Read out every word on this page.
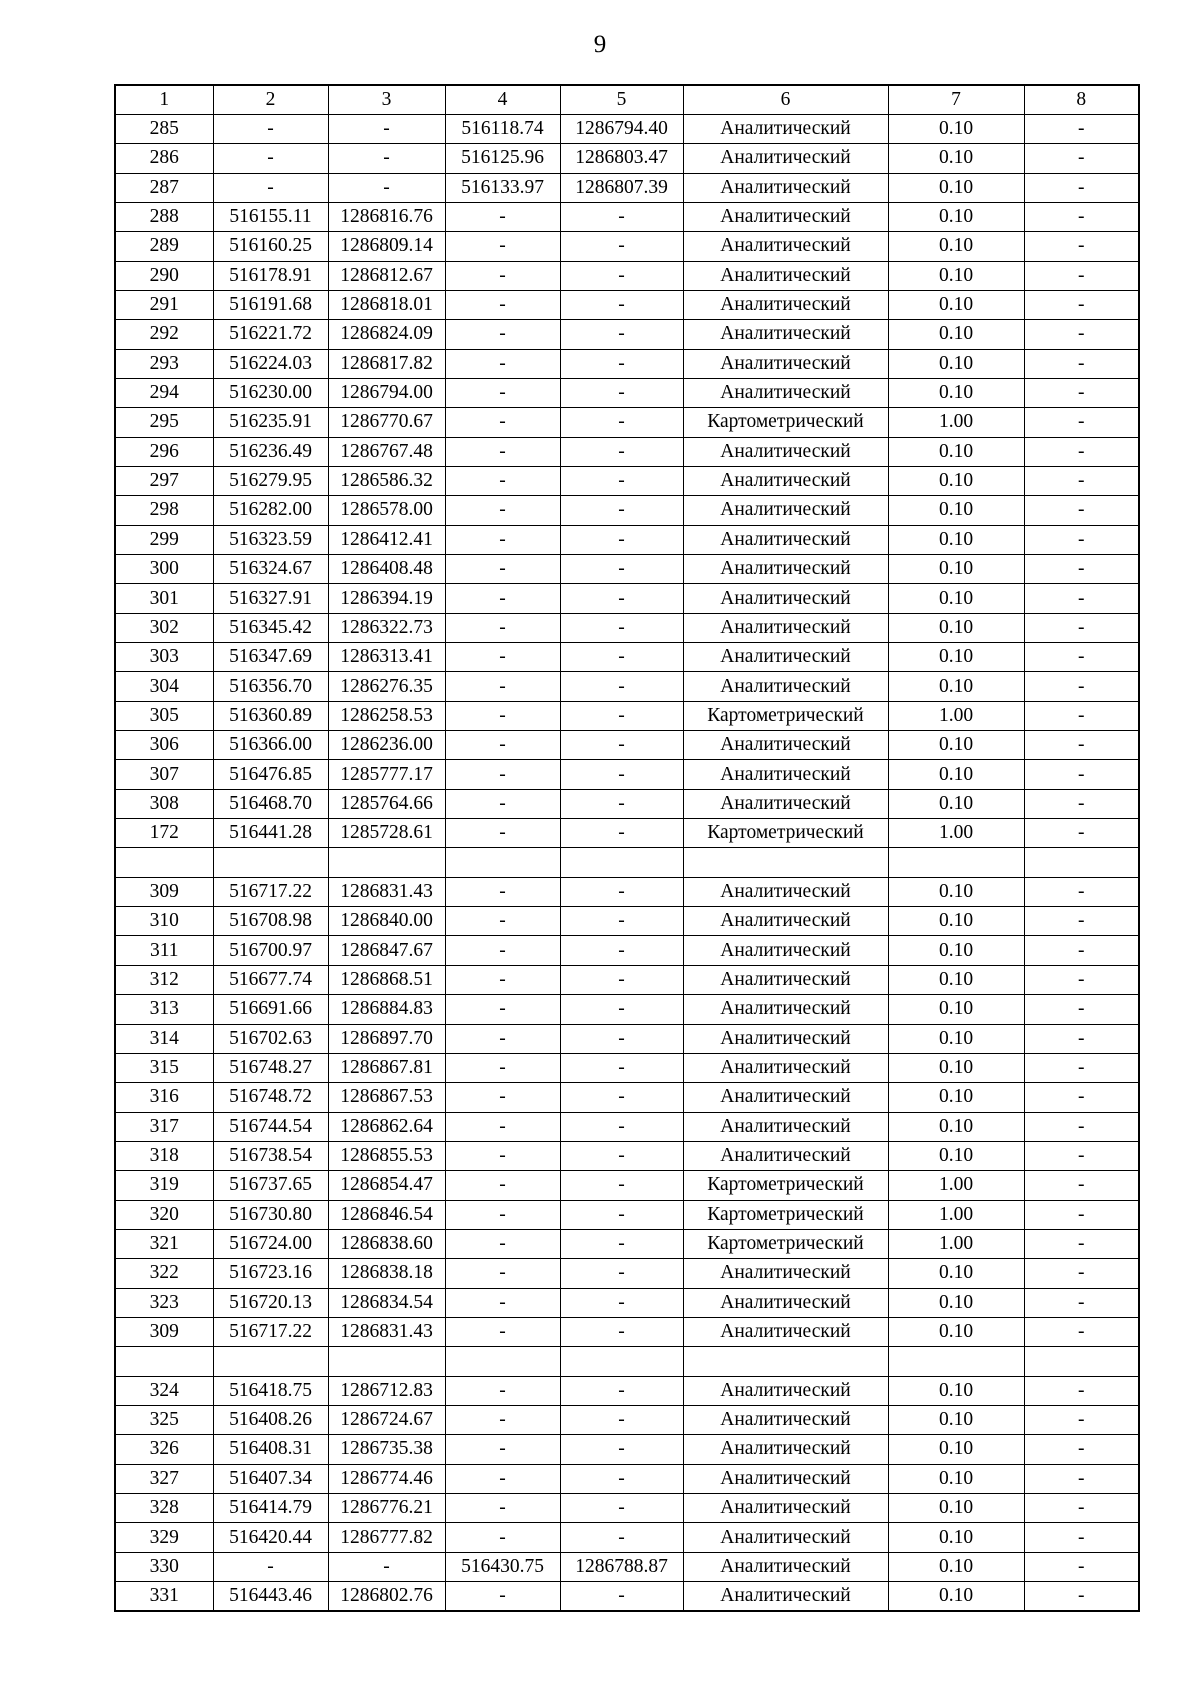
9
1	2	3	4	5	6	7	8
285	-	-	516118.74	1286794.40	Аналитический	0.10	-
286	-	-	516125.96	1286803.47	Аналитический	0.10	-
287	-	-	516133.97	1286807.39	Аналитический	0.10	-
288	516155.11	1286816.76	-	-	Аналитический	0.10	-
289	516160.25	1286809.14	-	-	Аналитический	0.10	-
290	516178.91	1286812.67	-	-	Аналитический	0.10	-
291	516191.68	1286818.01	-	-	Аналитический	0.10	-
292	516221.72	1286824.09	-	-	Аналитический	0.10	-
293	516224.03	1286817.82	-	-	Аналитический	0.10	-
294	516230.00	1286794.00	-	-	Аналитический	0.10	-
295	516235.91	1286770.67	-	-	Картометрический	1.00	-
296	516236.49	1286767.48	-	-	Аналитический	0.10	-
297	516279.95	1286586.32	-	-	Аналитический	0.10	-
298	516282.00	1286578.00	-	-	Аналитический	0.10	-
299	516323.59	1286412.41	-	-	Аналитический	0.10	-
300	516324.67	1286408.48	-	-	Аналитический	0.10	-
301	516327.91	1286394.19	-	-	Аналитический	0.10	-
302	516345.42	1286322.73	-	-	Аналитический	0.10	-
303	516347.69	1286313.41	-	-	Аналитический	0.10	-
304	516356.70	1286276.35	-	-	Аналитический	0.10	-
305	516360.89	1286258.53	-	-	Картометрический	1.00	-
306	516366.00	1286236.00	-	-	Аналитический	0.10	-
307	516476.85	1285777.17	-	-	Аналитический	0.10	-
308	516468.70	1285764.66	-	-	Аналитический	0.10	-
172	516441.28	1285728.61	-	-	Картометрический	1.00	-

309	516717.22	1286831.43	-	-	Аналитический	0.10	-
310	516708.98	1286840.00	-	-	Аналитический	0.10	-
311	516700.97	1286847.67	-	-	Аналитический	0.10	-
312	516677.74	1286868.51	-	-	Аналитический	0.10	-
313	516691.66	1286884.83	-	-	Аналитический	0.10	-
314	516702.63	1286897.70	-	-	Аналитический	0.10	-
315	516748.27	1286867.81	-	-	Аналитический	0.10	-
316	516748.72	1286867.53	-	-	Аналитический	0.10	-
317	516744.54	1286862.64	-	-	Аналитический	0.10	-
318	516738.54	1286855.53	-	-	Аналитический	0.10	-
319	516737.65	1286854.47	-	-	Картометрический	1.00	-
320	516730.80	1286846.54	-	-	Картометрический	1.00	-
321	516724.00	1286838.60	-	-	Картометрический	1.00	-
322	516723.16	1286838.18	-	-	Аналитический	0.10	-
323	516720.13	1286834.54	-	-	Аналитический	0.10	-
309	516717.22	1286831.43	-	-	Аналитический	0.10	-

324	516418.75	1286712.83	-	-	Аналитический	0.10	-
325	516408.26	1286724.67	-	-	Аналитический	0.10	-
326	516408.31	1286735.38	-	-	Аналитический	0.10	-
327	516407.34	1286774.46	-	-	Аналитический	0.10	-
328	516414.79	1286776.21	-	-	Аналитический	0.10	-
329	516420.44	1286777.82	-	-	Аналитический	0.10	-
330	-	-	516430.75	1286788.87	Аналитический	0.10	-
331	516443.46	1286802.76	-	-	Аналитический	0.10	-
